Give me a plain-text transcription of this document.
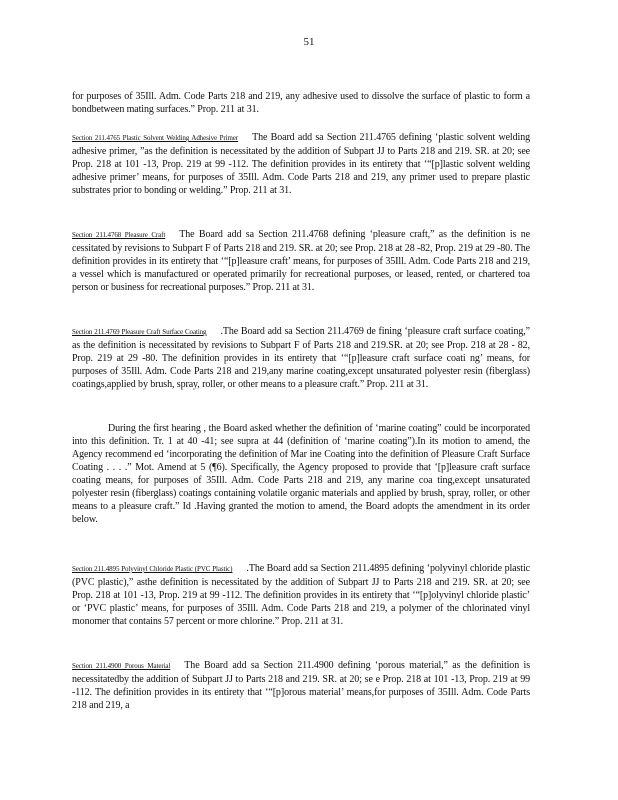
51
for purposes of 35Ill. Adm. Code Parts 218 and 219, any adhesive used to dissolve the surface of plastic to form a bondbetween mating surfaces.” Prop. 211 at 31.
Section 211.4765 Plastic Solvent Welding Adhesive Primer The Board add sa Section 211.4765 defining ‘plastic solvent welding adhesive primer, ”as the definition is necessitated by the addition of Subpart JJ to Parts 218 and 219. SR. at 20; see Prop. 218 at 101 -13, Prop. 219 at 99 -112. The definition provides in its entirety that ‘“[p]lastic solvent welding adhesive primer’ means, for purposes of 35Ill. Adm. Code Parts 218 and 219, any primer used to prepare plastic substrates prior to bonding or welding.” Prop. 211 at 31.
Section 211.4768 Pleasure Craft The Board add sa Section 211.4768 defining ‘pleasure craft,” as the definition is ne cessitated by revisions to Subpart F of Parts 218 and 219. SR. at 20; see Prop. 218 at 28 -82, Prop. 219 at 29 -80. The definition provides in its entirety that ‘“[p]leasure craft’ means, for purposes of 35Ill. Adm. Code Parts 218 and 219, a vessel which is manufactured or operated primarily for recreational purposes, or leased, rented, or chartered toa person or business for recreational purposes.” Prop. 211 at 31.
Section 211.4769 Pleasure Craft Surface Coating .The Board add sa Section 211.4769 de fining ‘pleasure craft surface coating,” as the definition is necessitated by revisions to Subpart F of Parts 218 and 219.SR. at 20; see Prop. 218 at 28 - 82, Prop. 219 at 29 -80. The definition provides in its entirety that ‘“[p]leasure craft surface coati ng’ means, for purposes of 35Ill. Adm. Code Parts 218 and 219,any marine coating,except unsaturated polyester resin (fiberglass) coatings,applied by brush, spray, roller, or other means to a pleasure craft.” Prop. 211 at 31.
During the first hearing , the Board asked whether the definition of ‘marine coating” could be incorporated into this definition. Tr. 1 at 40 -41; see supra at 44 (definition of ‘marine coating”).In its motion to amend, the Agency recommend ed ‘incorporating the definition of Mar ine Coating into the definition of Pleasure Craft Surface Coating . . . .” Mot. Amend at 5 (¶6). Specifically, the Agency proposed to provide that ‘[p]leasure craft surface coating means, for purposes of 35Ill. Adm. Code Parts 218 and 219, any marine coa ting,except unsaturated polyester resin (fiberglass) coatings containing volatile organic materials and applied by brush, spray, roller, or other means to a pleasure craft.” Id .Having granted the motion to amend, the Board adopts the amendment in its order below.
Section 211.4895 Polyvinyl Chloride Plastic (PVC Plastic) .The Board add sa Section 211.4895 defining ‘polyvinyl chloride plastic (PVC plastic),” asthe definition is necessitated by the addition of Subpart JJ to Parts 218 and 219. SR. at 20; see Prop. 218 at 101 -13, Prop. 219 at 99 -112. The definition provides in its entirety that ‘“[p]olyvinyl chloride plastic’ or ‘PVC plastic’ means, for purposes of 35Ill. Adm. Code Parts 218 and 219, a polymer of the chlorinated vinyl monomer that contains 57 percent or more chlorine.” Prop. 211 at 31.
Section 211.4900 Porous Material The Board add sa Section 211.4900 defining ‘porous material,” as the definition is necessitatedby the addition of Subpart JJ to Parts 218 and 219. SR. at 20; se e Prop. 218 at 101 -13, Prop. 219 at 99 -112. The definition provides in its entirety that ‘“[p]orous material’ means,for purposes of 35Ill. Adm. Code Parts 218 and 219, a
